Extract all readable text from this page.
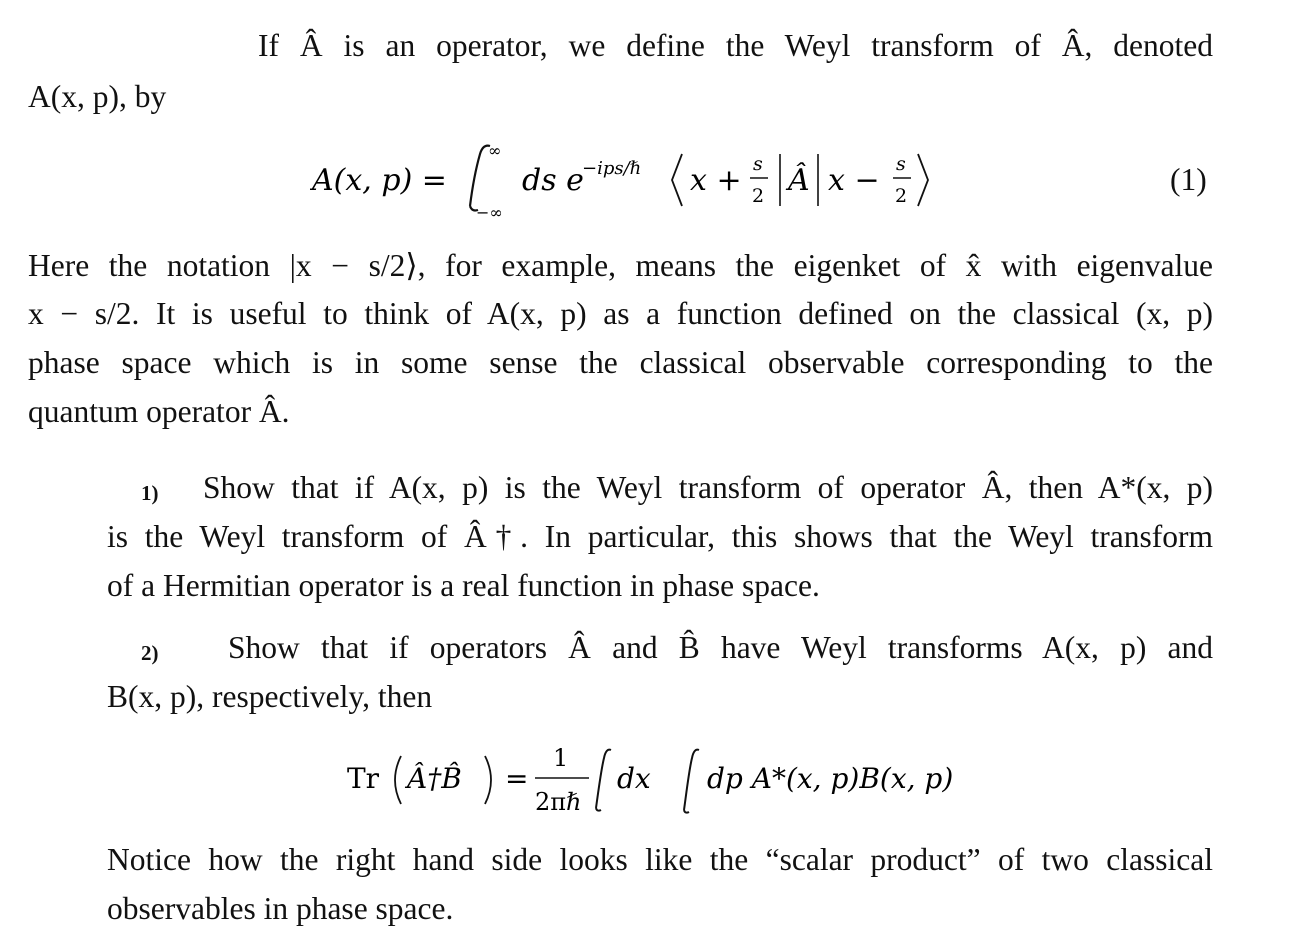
If Â is an operator, we define the Weyl transform of Â, denoted
A(x, p), by
A(x, p) =
∞
−∞
ds e
−ips/ℏ x + s
2 Â x − s
2	(1)
Here the notation |x − s/2⟩, for example, means the eigenket of x̂ with eigenvalue
x − s/2. It is useful to think of A(x, p) as a function defined on the classical (x, p)
phase space which is in some sense the classical observable corresponding to the
quantum operator Â.
1) Show that if A(x, p) is the Weyl transform of operator Â, then A*(x, p)
is the Weyl transform of Â†. In particular, this shows that the Weyl transform
of a Hermitian operator is a real function in phase space.
2) Show that if operators Â and B̂ have Weyl transforms A(x, p) and
B(x, p), respectively, then
Tr Â†B̂ =
1
2πℏ
dx dp A*(x, p)B(x, p)
Notice how the right hand side looks like the “scalar product” of two classical
observables in phase space.
